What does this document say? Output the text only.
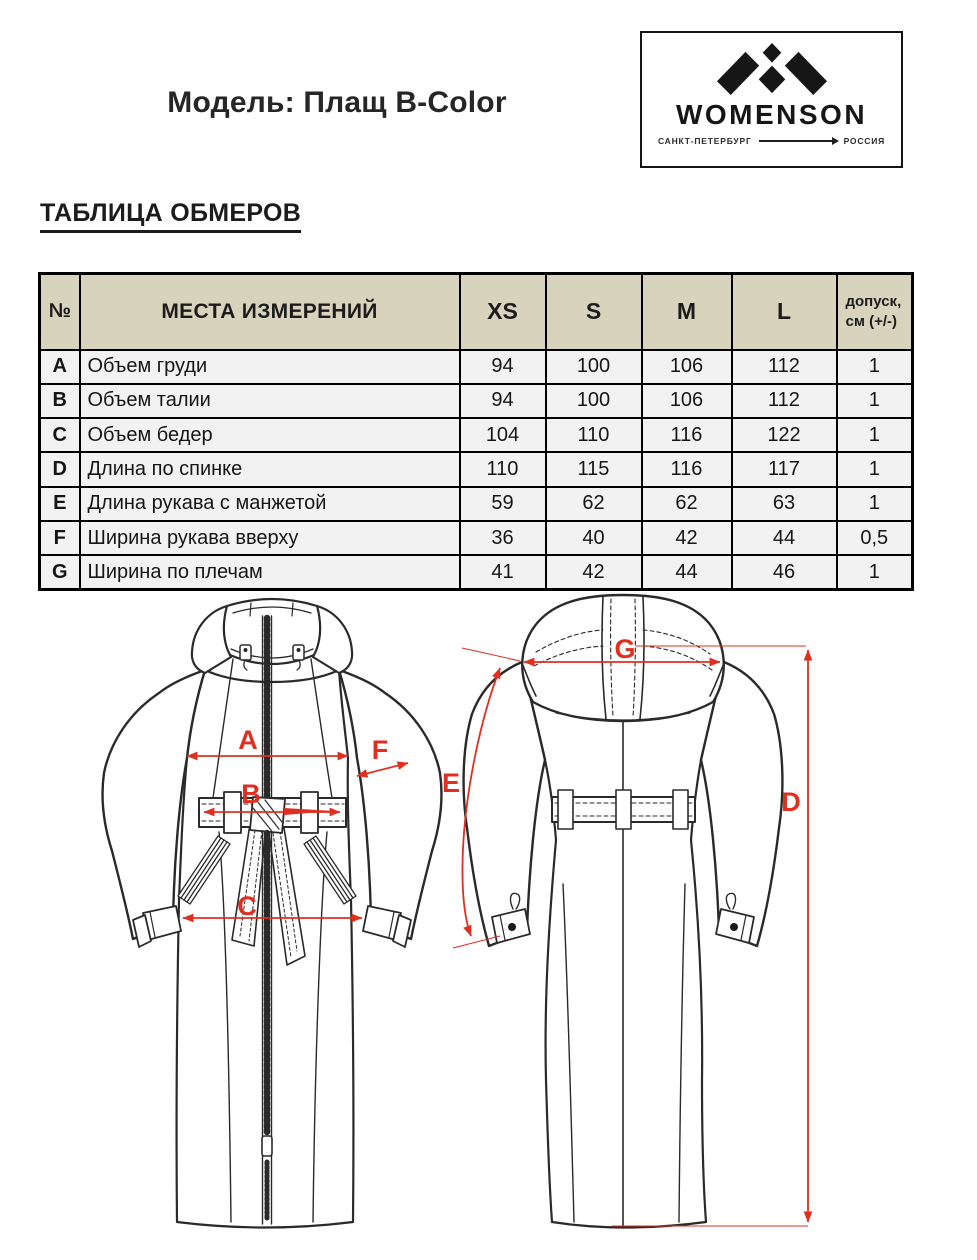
Модель: Плащ B-Color	WOMENSON
САНКТ-ПЕТЕРБУРГ	РОССИЯ
ТАБЛИЦА ОБМЕРОВ
№	МЕСТА ИЗМЕРЕНИЙ	XS	S	M	L	допуск,
см (+/-)

A	Объем груди	94	100	106	112	1
B	Объем талии	94	100	106	112	1
C	Объем бедер	104	110	116	122	1
D	Длина по спинке	110	115	116	117	1
E	Длина рукава с манжетой	59	62	62	63	1
F	Ширина рукава вверху	36	40	42	44	0,5
G	Ширина по плечам	41	42	44	46	1
A
B
C
F
G
E
D
